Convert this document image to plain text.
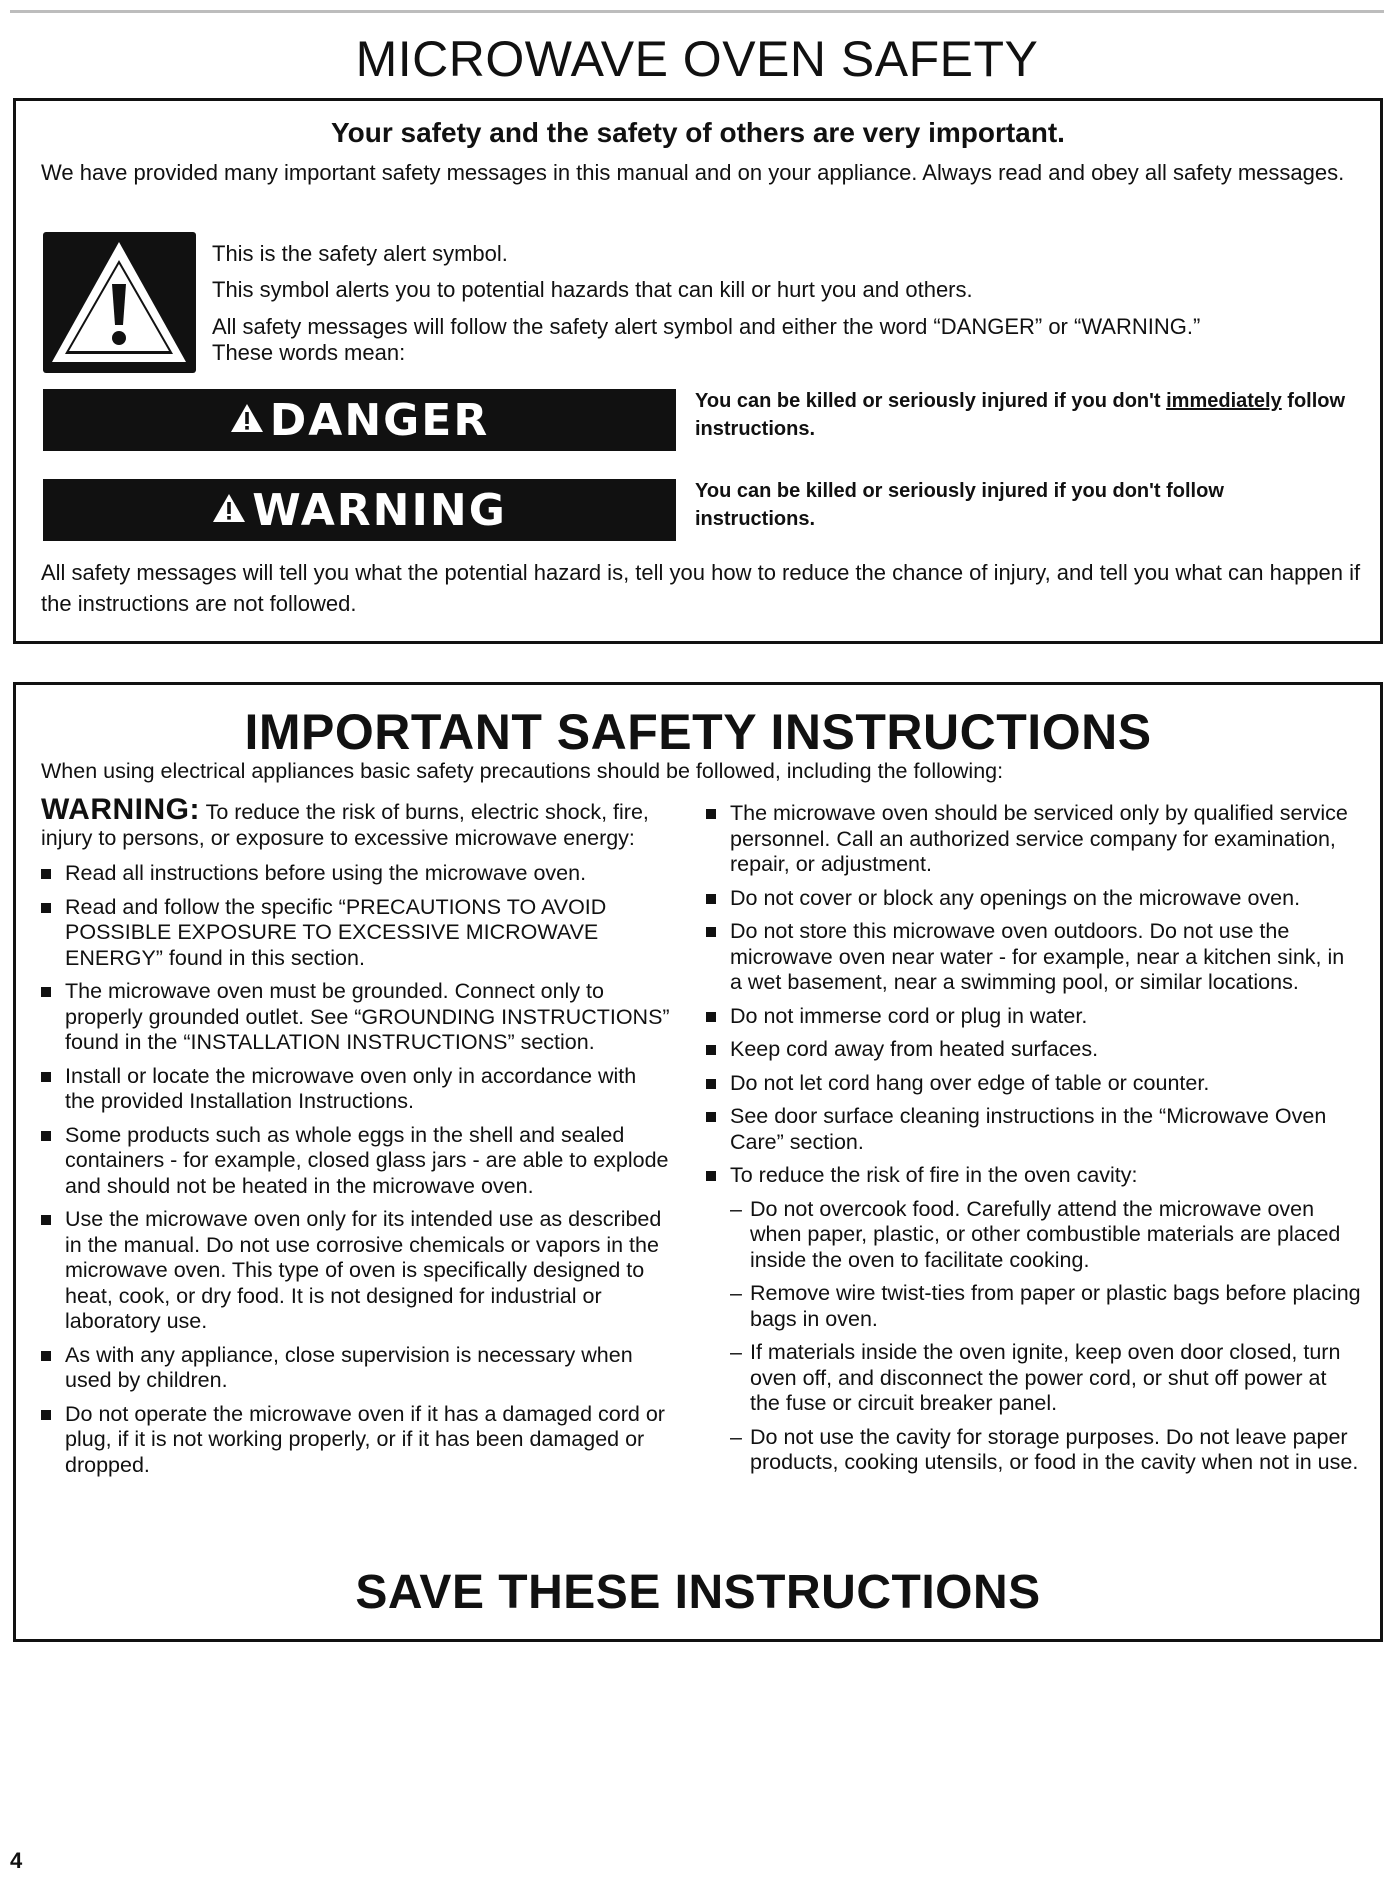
MICROWAVE OVEN SAFETY
Your safety and the safety of others are very important.
We have provided many important safety messages in this manual and on your appliance. Always read and obey all safety messages.
This is the safety alert symbol.
This symbol alerts you to potential hazards that can kill or hurt you and others.
All safety messages will follow the safety alert symbol and either the word “DANGER” or “WARNING.”
These words mean:
DANGER	You can be killed or seriously injured if you don't immediately follow instructions.
WARNING	You can be killed or seriously injured if you don't follow instructions.
All safety messages will tell you what the potential hazard is, tell you how to reduce the chance of injury, and tell you what can happen if the instructions are not followed.
IMPORTANT SAFETY INSTRUCTIONS
When using electrical appliances basic safety precautions should be followed, including the following:
WARNING: To reduce the risk of burns, electric shock, fire, injury to persons, or exposure to excessive microwave energy:
Read all instructions before using the microwave oven.
Read and follow the specific “PRECAUTIONS TO AVOID POSSIBLE EXPOSURE TO EXCESSIVE MICROWAVE ENERGY” found in this section.
The microwave oven must be grounded. Connect only to properly grounded outlet. See “GROUNDING INSTRUCTIONS” found in the “INSTALLATION INSTRUCTIONS” section.
Install or locate the microwave oven only in accordance with the provided Installation Instructions.
Some products such as whole eggs in the shell and sealed containers - for example, closed glass jars - are able to explode and should not be heated in the microwave oven.
Use the microwave oven only for its intended use as described in the manual. Do not use corrosive chemicals or vapors in the microwave oven. This type of oven is specifically designed to heat, cook, or dry food. It is not designed for industrial or laboratory use.
As with any appliance, close supervision is necessary when used by children.
Do not operate the microwave oven if it has a damaged cord or plug, if it is not working properly, or if it has been damaged or dropped.
The microwave oven should be serviced only by qualified service personnel. Call an authorized service company for examination, repair, or adjustment.
Do not cover or block any openings on the microwave oven.
Do not store this microwave oven outdoors. Do not use the microwave oven near water - for example, near a kitchen sink, in a wet basement, near a swimming pool, or similar locations.
Do not immerse cord or plug in water.
Keep cord away from heated surfaces.
Do not let cord hang over edge of table or counter.
See door surface cleaning instructions in the “Microwave Oven Care” section.
To reduce the risk of fire in the oven cavity:
– Do not overcook food. Carefully attend the microwave oven when paper, plastic, or other combustible materials are placed inside the oven to facilitate cooking.
– Remove wire twist-ties from paper or plastic bags before placing bags in oven.
– If materials inside the oven ignite, keep oven door closed, turn oven off, and disconnect the power cord, or shut off power at the fuse or circuit breaker panel.
– Do not use the cavity for storage purposes. Do not leave paper products, cooking utensils, or food in the cavity when not in use.
SAVE THESE INSTRUCTIONS
4
